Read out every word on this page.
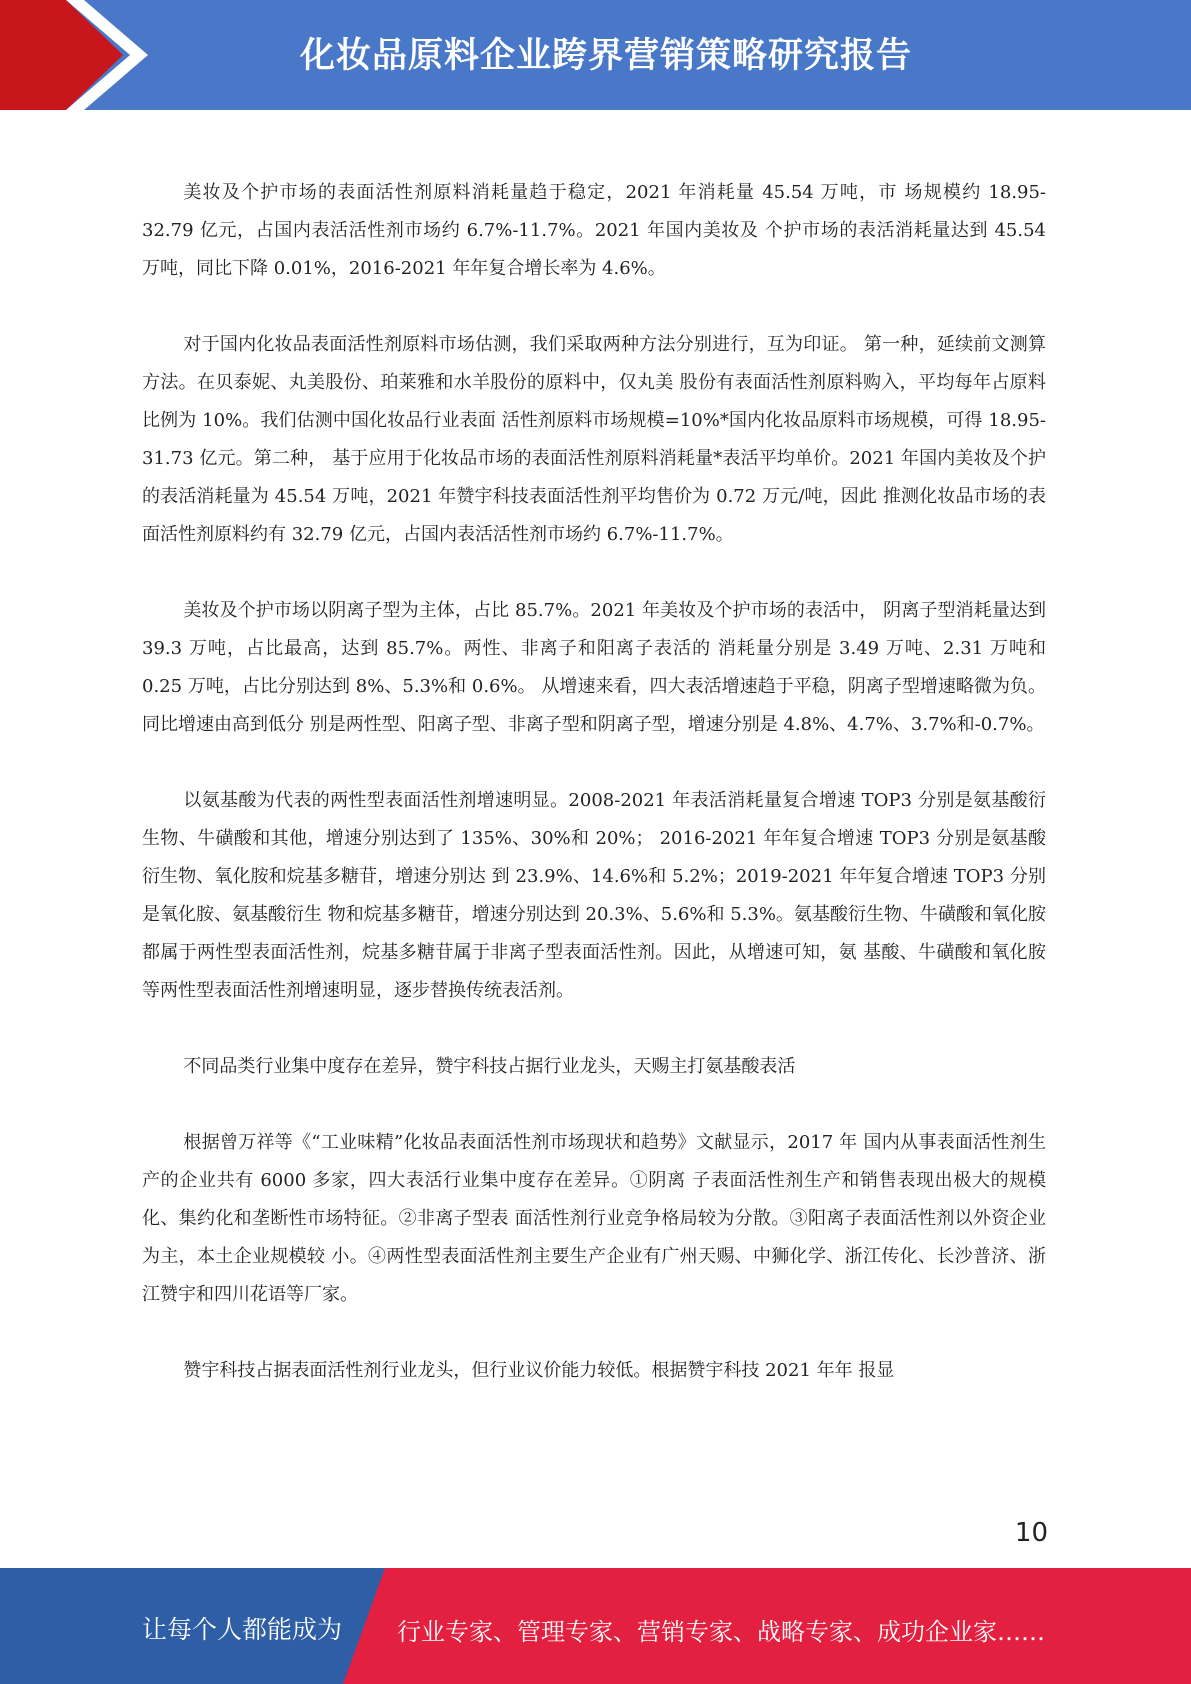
化妆品原料企业跨界营销策略研究报告

美妆及个护市场的表面活性剂原料消耗量趋于稳定，2021 年消耗量 45.54 万吨，市 场规模约 18.95-32.79 亿元，占国内表活活性剂市场约 6.7%-11.7%。2021 年国内美妆及 个护市场的表活消耗量达到 45.54 万吨，同比下降 0.01%，2016-2021 年年复合增长率为 4.6%。

对于国内化妆品表面活性剂原料市场估测，我们采取两种方法分别进行，互为印证。 第一种，延续前文测算方法。在贝泰妮、丸美股份、珀莱雅和水羊股份的原料中，仅丸美 股份有表面活性剂原料购入，平均每年占原料比例为 10%。我们估测中国化妆品行业表面 活性剂原料市场规模=10%*国内化妆品原料市场规模，可得 18.95-31.73 亿元。第二种， 基于应用于化妆品市场的表面活性剂原料消耗量*表活平均单价。2021 年国内美妆及个护 的表活消耗量为 45.54 万吨，2021 年赞宇科技表面活性剂平均售价为 0.72 万元/吨，因此 推测化妆品市场的表面活性剂原料约有 32.79 亿元，占国内表活活性剂市场约 6.7%-11.7%。

美妆及个护市场以阴离子型为主体，占比 85.7%。2021 年美妆及个护市场的表活中， 阴离子型消耗量达到 39.3 万吨，占比最高，达到 85.7%。两性、非离子和阳离子表活的 消耗量分别是 3.49 万吨、2.31 万吨和 0.25 万吨，占比分别达到 8%、5.3%和 0.6%。 从增速来看，四大表活增速趋于平稳，阴离子型增速略微为负。同比增速由高到低分 别是两性型、阳离子型、非离子型和阴离子型，增速分别是 4.8%、4.7%、3.7%和-0.7%。

以氨基酸为代表的两性型表面活性剂增速明显。2008-2021 年表活消耗量复合增速 TOP3 分别是氨基酸衍生物、牛磺酸和其他，增速分别达到了 135%、30%和 20%； 2016-2021 年年复合增速 TOP3 分别是氨基酸衍生物、氧化胺和烷基多糖苷，增速分别达 到 23.9%、14.6%和 5.2%；2019-2021 年年复合增速 TOP3 分别是氧化胺、氨基酸衍生 物和烷基多糖苷，增速分别达到 20.3%、5.6%和 5.3%。氨基酸衍生物、牛磺酸和氧化胺 都属于两性型表面活性剂，烷基多糖苷属于非离子型表面活性剂。因此，从增速可知，氨 基酸、牛磺酸和氧化胺等两性型表面活性剂增速明显，逐步替换传统表活剂。

不同品类行业集中度存在差异，赞宇科技占据行业龙头，天赐主打氨基酸表活

根据曾万祥等《“工业味精”化妆品表面活性剂市场现状和趋势》文献显示，2017 年 国内从事表面活性剂生产的企业共有 6000 多家，四大表活行业集中度存在差异。①阴离 子表面活性剂生产和销售表现出极大的规模化、集约化和垄断性市场特征。②非离子型表 面活性剂行业竞争格局较为分散。③阳离子表面活性剂以外资企业为主，本土企业规模较 小。④两性型表面活性剂主要生产企业有广州天赐、中狮化学、浙江传化、长沙普济、浙 江赞宇和四川花语等厂家。

赞宇科技占据表面活性剂行业龙头，但行业议价能力较低。根据赞宇科技 2021 年年 报显

10
让每个人都能成为 行业专家、管理专家、营销专家、战略专家、成功企业家……
